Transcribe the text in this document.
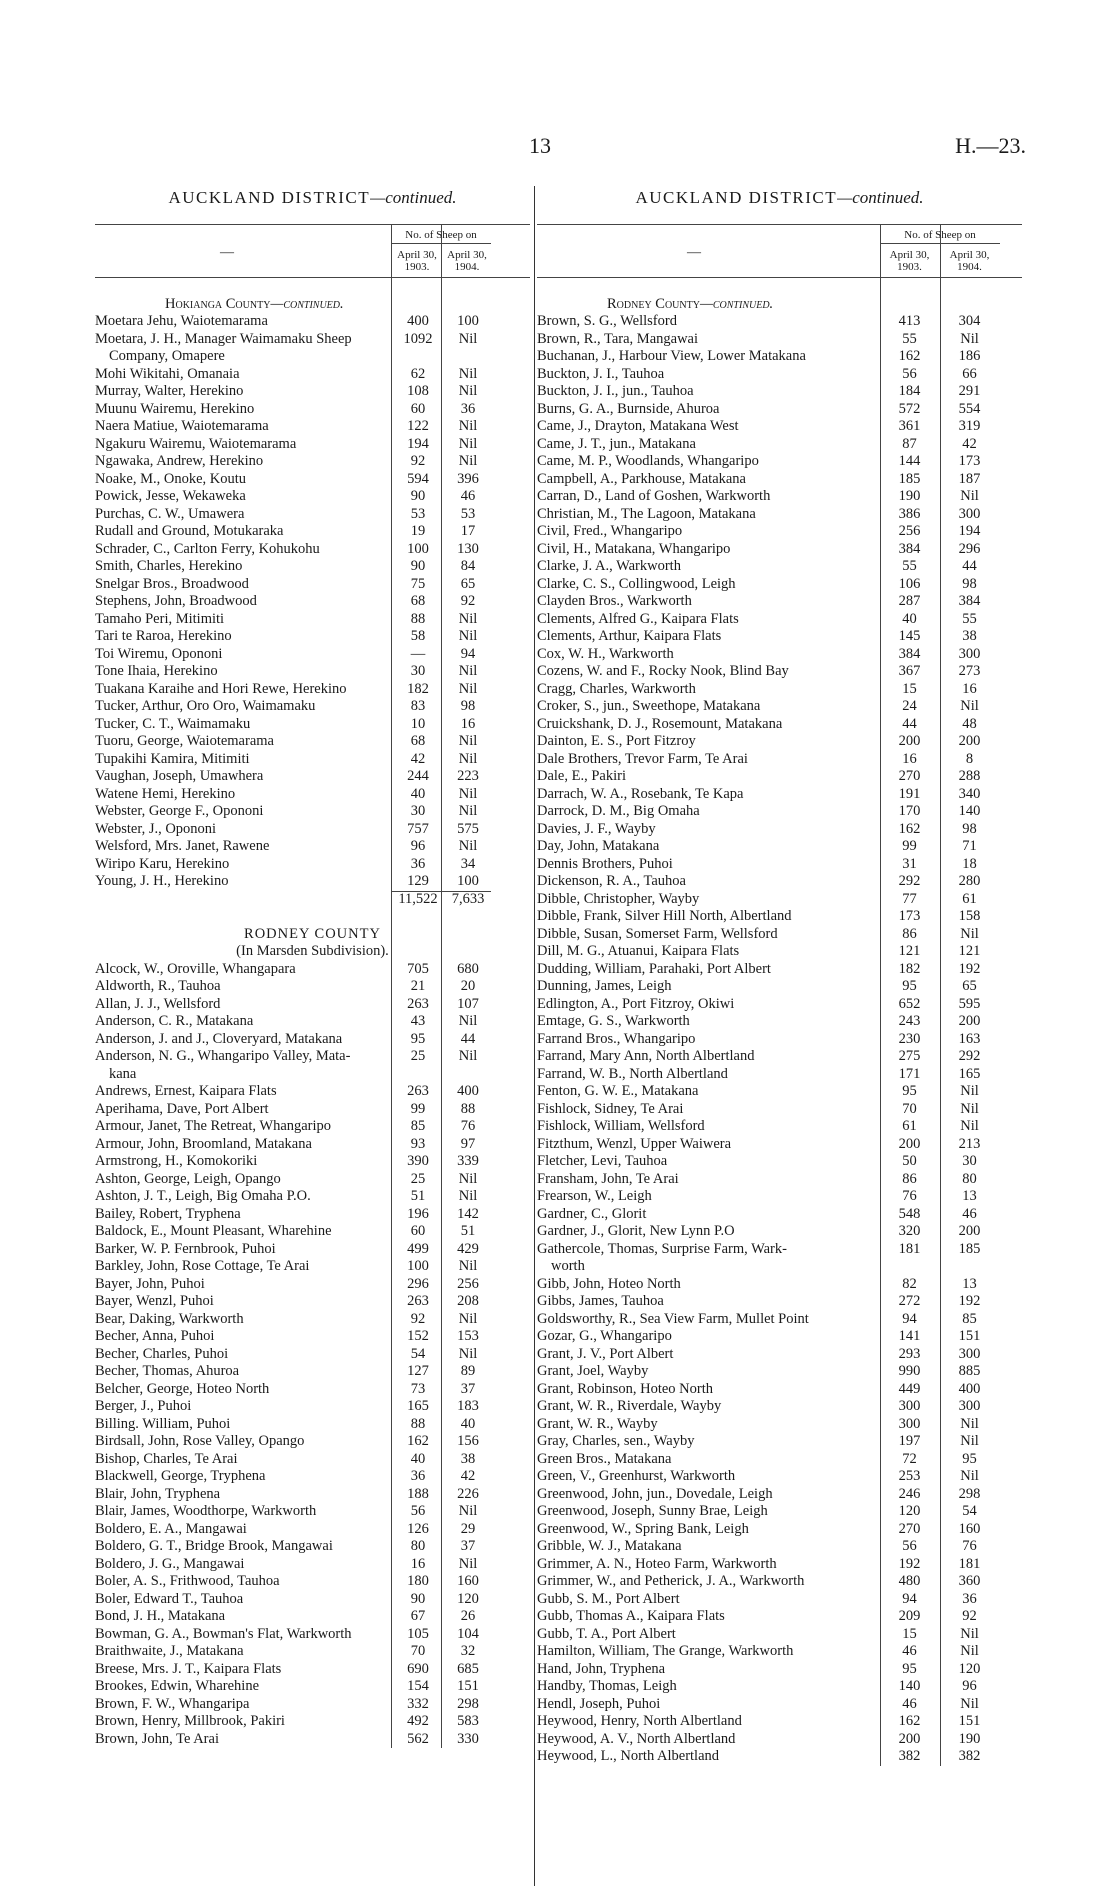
13	H.—23.
AUCKLAND DISTRICT—continued.
—
No. of Sheep on
April 30,
1903.
April 30,
1904.
Hokianga County—continued.
Moetara Jehu, Waiotemarama	400	100
Moetara, J. H., Manager Waimamaku Sheep	1092	Nil
Company, Omapere
Mohi Wikitahi, Omanaia	62	Nil
Murray, Walter, Herekino	108	Nil
Muunu Wairemu, Herekino	60	36
Naera Matiue, Waiotemarama	122	Nil
Ngakuru Wairemu, Waiotemarama	194	Nil
Ngawaka, Andrew, Herekino	92	Nil
Noake, M., Onoke, Koutu	594	396
Powick, Jesse, Wekaweka	90	46
Purchas, C. W., Umawera	53	53
Rudall and Ground, Motukaraka	19	17
Schrader, C., Carlton Ferry, Kohukohu	100	130
Smith, Charles, Herekino	90	84
Snelgar Bros., Broadwood	75	65
Stephens, John, Broadwood	68	92
Tamaho Peri, Mitimiti	88	Nil
Tari te Raroa, Herekino	58	Nil
Toi Wiremu, Opononi	—	94
Tone Ihaia, Herekino	30	Nil
Tuakana Karaihe and Hori Rewe, Herekino	182	Nil
Tucker, Arthur, Oro Oro, Waimamaku	83	98
Tucker, C. T., Waimamaku	10	16
Tuoru, George, Waiotemarama	68	Nil
Tupakihi Kamira, Mitimiti	42	Nil
Vaughan, Joseph, Umawhera	244	223
Watene Hemi, Herekino	40	Nil
Webster, George F., Opononi	30	Nil
Webster, J., Opononi	757	575
Welsford, Mrs. Janet, Rawene	96	Nil
Wiripo Karu, Herekino	36	34
Young, J. H., Herekino	129	100
11,522 7,633
RODNEY COUNTY
(In Marsden Subdivision).
Alcock, W., Oroville, Whangapara	705	680
Aldworth, R., Tauhoa	21	20
Allan, J. J., Wellsford	263	107
Anderson, C. R., Matakana	43	Nil
Anderson, J. and J., Cloveryard, Matakana	95	44
Anderson, N. G., Whangaripo Valley, Mata-	25	Nil
kana
Andrews, Ernest, Kaipara Flats	263	400
Aperihama, Dave, Port Albert	99	88
Armour, Janet, The Retreat, Whangaripo	85	76
Armour, John, Broomland, Matakana	93	97
Armstrong, H., Komokoriki	390	339
Ashton, George, Leigh, Opango	25	Nil
Ashton, J. T., Leigh, Big Omaha P.O.	51	Nil
Bailey, Robert, Tryphena	196	142
Baldock, E., Mount Pleasant, Wharehine	60	51
Barker, W. P. Fernbrook, Puhoi	499	429
Barkley, John, Rose Cottage, Te Arai	100	Nil
Bayer, John, Puhoi	296	256
Bayer, Wenzl, Puhoi	263	208
Bear, Daking, Warkworth	92	Nil
Becher, Anna, Puhoi	152	153
Becher, Charles, Puhoi	54	Nil
Becher, Thomas, Ahuroa	127	89
Belcher, George, Hoteo North	73	37
Berger, J., Puhoi	165	183
Billing. William, Puhoi	88	40
Birdsall, John, Rose Valley, Opango	162	156
Bishop, Charles, Te Arai	40	38
Blackwell, George, Tryphena	36	42
Blair, John, Tryphena	188	226
Blair, James, Woodthorpe, Warkworth	56	Nil
Boldero, E. A., Mangawai	126	29
Boldero, G. T., Bridge Brook, Mangawai	80	37
Boldero, J. G., Mangawai	16	Nil
Boler, A. S., Frithwood, Tauhoa	180	160
Boler, Edward T., Tauhoa	90	120
Bond, J. H., Matakana	67	26
Bowman, G. A., Bowman's Flat, Warkworth	105	104
Braithwaite, J., Matakana	70	32
Breese, Mrs. J. T., Kaipara Flats	690	685
Brookes, Edwin, Wharehine	154	151
Brown, F. W., Whangaripa	332	298
Brown, Henry, Millbrook, Pakiri	492	583
Brown, John, Te Arai	562	330
AUCKLAND DISTRICT—continued.
—
No. of Sheep on
April 30,
1903.
April 30,
1904.
Rodney County—continued.
Brown, S. G., Wellsford	413	304
Brown, R., Tara, Mangawai	55	Nil
Buchanan, J., Harbour View, Lower Matakana	162	186
Buckton, J. I., Tauhoa	56	66
Buckton, J. I., jun., Tauhoa	184	291
Burns, G. A., Burnside, Ahuroa	572	554
Came, J., Drayton, Matakana West	361	319
Came, J. T., jun., Matakana	87	42
Came, M. P., Woodlands, Whangaripo	144	173
Campbell, A., Parkhouse, Matakana	185	187
Carran, D., Land of Goshen, Warkworth	190	Nil
Christian, M., The Lagoon, Matakana	386	300
Civil, Fred., Whangaripo	256	194
Civil, H., Matakana, Whangaripo	384	296
Clarke, J. A., Warkworth	55	44
Clarke, C. S., Collingwood, Leigh	106	98
Clayden Bros., Warkworth	287	384
Clements, Alfred G., Kaipara Flats	40	55
Clements, Arthur, Kaipara Flats	145	38
Cox, W. H., Warkworth	384	300
Cozens, W. and F., Rocky Nook, Blind Bay	367	273
Cragg, Charles, Warkworth	15	16
Croker, S., jun., Sweethope, Matakana	24	Nil
Cruickshank, D. J., Rosemount, Matakana	44	48
Dainton, E. S., Port Fitzroy	200	200
Dale Brothers, Trevor Farm, Te Arai	16	8
Dale, E., Pakiri	270	288
Darrach, W. A., Rosebank, Te Kapa	191	340
Darrock, D. M., Big Omaha	170	140
Davies, J. F., Wayby	162	98
Day, John, Matakana	99	71
Dennis Brothers, Puhoi	31	18
Dickenson, R. A., Tauhoa	292	280
Dibble, Christopher, Wayby	77	61
Dibble, Frank, Silver Hill North, Albertland	173	158
Dibble, Susan, Somerset Farm, Wellsford	86	Nil
Dill, M. G., Atuanui, Kaipara Flats	121	121
Dudding, William, Parahaki, Port Albert	182	192
Dunning, James, Leigh	95	65
Edlington, A., Port Fitzroy, Okiwi	652	595
Emtage, G. S., Warkworth	243	200
Farrand Bros., Whangaripo	230	163
Farrand, Mary Ann, North Albertland	275	292
Farrand, W. B., North Albertland	171	165
Fenton, G. W. E., Matakana	95	Nil
Fishlock, Sidney, Te Arai	70	Nil
Fishlock, William, Wellsford	61	Nil
Fitzthum, Wenzl, Upper Waiwera	200	213
Fletcher, Levi, Tauhoa	50	30
Fransham, John, Te Arai	86	80
Frearson, W., Leigh	76	13
Gardner, C., Glorit	548	46
Gardner, J., Glorit, New Lynn P.O	320	200
Gathercole, Thomas, Surprise Farm, Wark-	181	185
worth
Gibb, John, Hoteo North	82	13
Gibbs, James, Tauhoa	272	192
Goldsworthy, R., Sea View Farm, Mullet Point	94	85
Gozar, G., Whangaripo	141	151
Grant, J. V., Port Albert	293	300
Grant, Joel, Wayby	990	885
Grant, Robinson, Hoteo North	449	400
Grant, W. R., Riverdale, Wayby	300	300
Grant, W. R., Wayby	300	Nil
Gray, Charles, sen., Wayby	197	Nil
Green Bros., Matakana	72	95
Green, V., Greenhurst, Warkworth	253	Nil
Greenwood, John, jun., Dovedale, Leigh	246	298
Greenwood, Joseph, Sunny Brae, Leigh	120	54
Greenwood, W., Spring Bank, Leigh	270	160
Gribble, W. J., Matakana	56	76
Grimmer, A. N., Hoteo Farm, Warkworth	192	181
Grimmer, W., and Petherick, J. A., Warkworth	480	360
Gubb, S. M., Port Albert	94	36
Gubb, Thomas A., Kaipara Flats	209	92
Gubb, T. A., Port Albert	15	Nil
Hamilton, William, The Grange, Warkworth	46	Nil
Hand, John, Tryphena	95	120
Handby, Thomas, Leigh	140	96
Hendl, Joseph, Puhoi	46	Nil
Heywood, Henry, North Albertland	162	151
Heywood, A. V., North Albertland	200	190
Heywood, L., North Albertland	382	382
